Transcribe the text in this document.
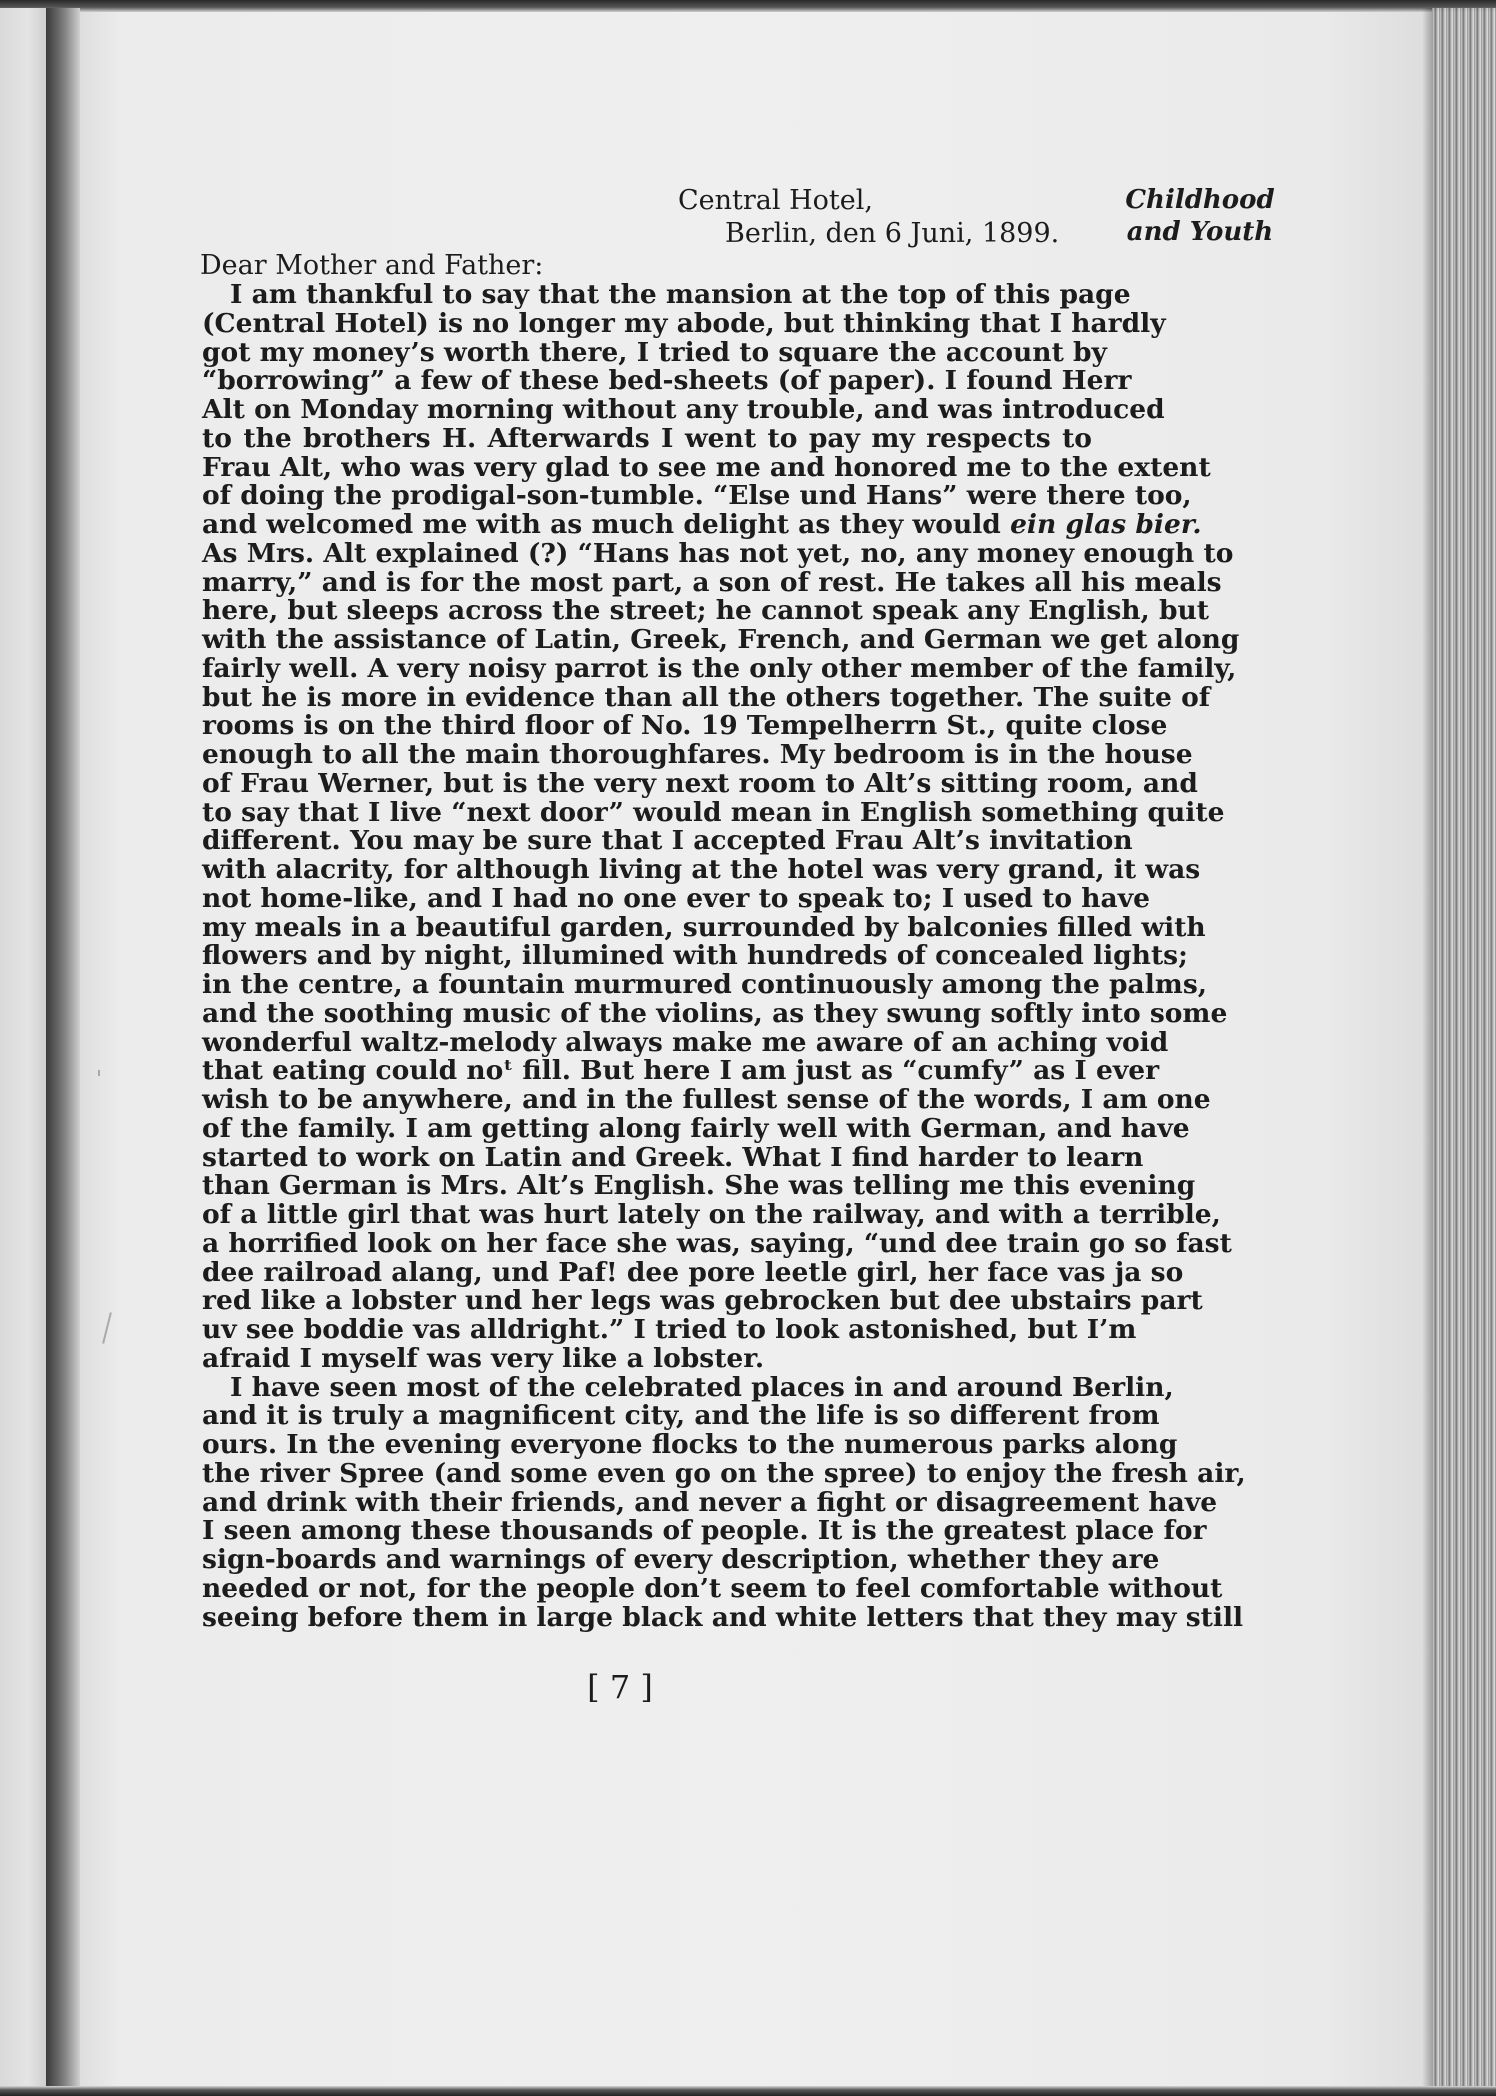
Central Hotel,
Berlin, den 6 Juni, 1899.
Childhood
and Youth
Dear Mother and Father:
I am thankful to say that the mansion at the top of this page
(Central Hotel) is no longer my abode, but thinking that I hardly
got my money’s worth there, I tried to square the account by
“borrowing” a few of these bed-sheets (of paper). I found Herr
Alt on Monday morning without any trouble, and was introduced
to the brothers H. Afterwards I went to pay my respects to
Frau Alt, who was very glad to see me and honored me to the extent
of doing the prodigal-son-tumble. “Else und Hans” were there too,
and welcomed me with as much delight as they would ein glas bier.
As Mrs. Alt explained (?) “Hans has not yet, no, any money enough to
marry,” and is for the most part, a son of rest. He takes all his meals
here, but sleeps across the street; he cannot speak any English, but
with the assistance of Latin, Greek, French, and German we get along
fairly well. A very noisy parrot is the only other member of the family,
but he is more in evidence than all the others together. The suite of
rooms is on the third floor of No. 19 Tempelherrn St., quite close
enough to all the main thoroughfares. My bedroom is in the house
of Frau Werner, but is the very next room to Alt’s sitting room, and
to say that I live “next door” would mean in English something quite
different. You may be sure that I accepted Frau Alt’s invitation
with alacrity, for although living at the hotel was very grand, it was
not home-like, and I had no one ever to speak to; I used to have
my meals in a beautiful garden, surrounded by balconies filled with
flowers and by night, illumined with hundreds of concealed lights;
in the centre, a fountain murmured continuously among the palms,
and the soothing music of the violins, as they swung softly into some
wonderful waltz-melody always make me aware of an aching void
that eating could noᵗ fill. But here I am just as “cumfy” as I ever
wish to be anywhere, and in the fullest sense of the words, I am one
of the family. I am getting along fairly well with German, and have
started to work on Latin and Greek. What I find harder to learn
than German is Mrs. Alt’s English. She was telling me this evening
of a little girl that was hurt lately on the railway, and with a terrible,
a horrified look on her face she was, saying, “und dee train go so fast
dee railroad alang, und Paf! dee pore leetle girl, her face vas ja so
red like a lobster und her legs was gebrocken but dee ubstairs part
uv see boddie vas alldright.” I tried to look astonished, but I’m
afraid I myself was very like a lobster.
I have seen most of the celebrated places in and around Berlin,
and it is truly a magnificent city, and the life is so different from
ours. In the evening everyone flocks to the numerous parks along
the river Spree (and some even go on the spree) to enjoy the fresh air,
and drink with their friends, and never a fight or disagreement have
I seen among these thousands of people. It is the greatest place for
sign-boards and warnings of every description, whether they are
needed or not, for the people don’t seem to feel comfortable without
seeing before them in large black and white letters that they may still
[ 7 ]
